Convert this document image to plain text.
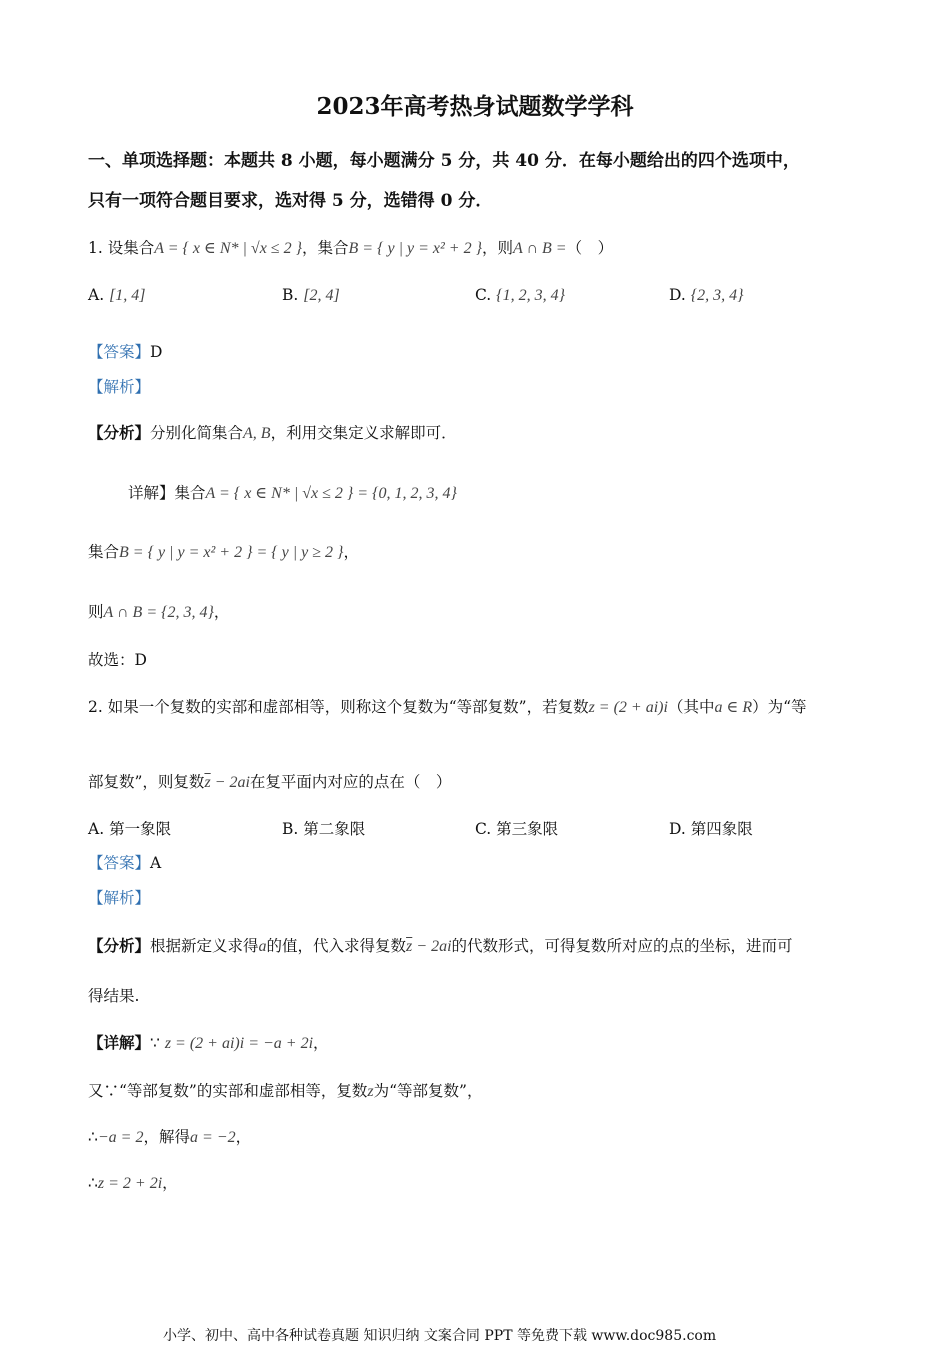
2023年高考热身试题数学学科
一、单项选择题：本题共 8 小题，每小题满分 5 分，共 40 分．在每小题给出的四个选项中，
只有一项符合题目要求，选对得 5 分，选错得 0 分．
1. 设集合A = { x ∈ N* | √x ≤ 2 }，集合B = { y | y = x² + 2 }，则A ∩ B =（　）
A. [1, 4]	B. [2, 4]	C. {1, 2, 3, 4}	D. {2, 3, 4}
【答案】D
【解析】
【分析】分别化简集合A, B，利用交集定义求解即可．
详解】集合A = { x ∈ N* | √x ≤ 2 } = {0, 1, 2, 3, 4}
集合B = { y | y = x² + 2 } = { y | y ≥ 2 }，
则A ∩ B = {2, 3, 4}，
故选：D
2. 如果一个复数的实部和虚部相等，则称这个复数为“等部复数”，若复数z = (2 + ai)i（其中a ∈ R）为“等
部复数”，则复数$\overline{z} - 2ai$在复平面内对应的点在（　）
A. 第一象限	B. 第二象限	C. 第三象限	D. 第四象限
【答案】A
【解析】
【分析】根据新定义求得a的值，代入求得复数$\overline{z} - 2ai$的代数形式，可得复数所对应的点的坐标，进而可
得结果.
【详解】∵ z = (2 + ai)i = −a + 2i，
又∵“等部复数”的实部和虚部相等，复数z为“等部复数”，
∴−a = 2，解得a = −2，
∴z = 2 + 2i，
小学、初中、高中各种试卷真题 知识归纳 文案合同 PPT 等免费下载 www.doc985.com
